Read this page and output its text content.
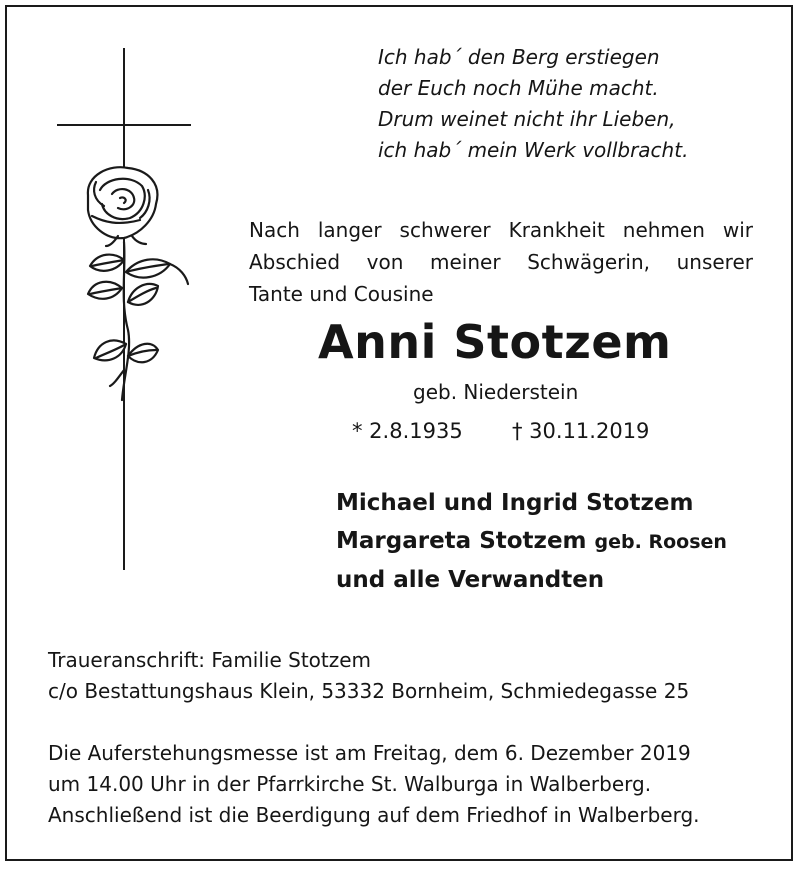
Ich hab´ den Berg erstiegen
der Euch noch Mühe macht.
Drum weinet nicht ihr Lieben,
ich hab´ mein Werk vollbracht.
Nach langer schwerer Krankheit nehmen wir
Abschied von meiner Schwägerin, unserer
Tante und Cousine
Anni Stotzem
geb. Niederstein
* 2.8.1935 † 30.11.2019
Michael und Ingrid Stotzem
Margareta Stotzem geb. Roosen
und alle Verwandten
Traueranschrift: Familie Stotzem
c/o Bestattungshaus Klein, 53332 Bornheim, Schmiedegasse 25
Die Auferstehungsmesse ist am Freitag, dem 6. Dezember 2019
um 14.00 Uhr in der Pfarrkirche St. Walburga in Walberberg.
Anschließend ist die Beerdigung auf dem Friedhof in Walberberg.
